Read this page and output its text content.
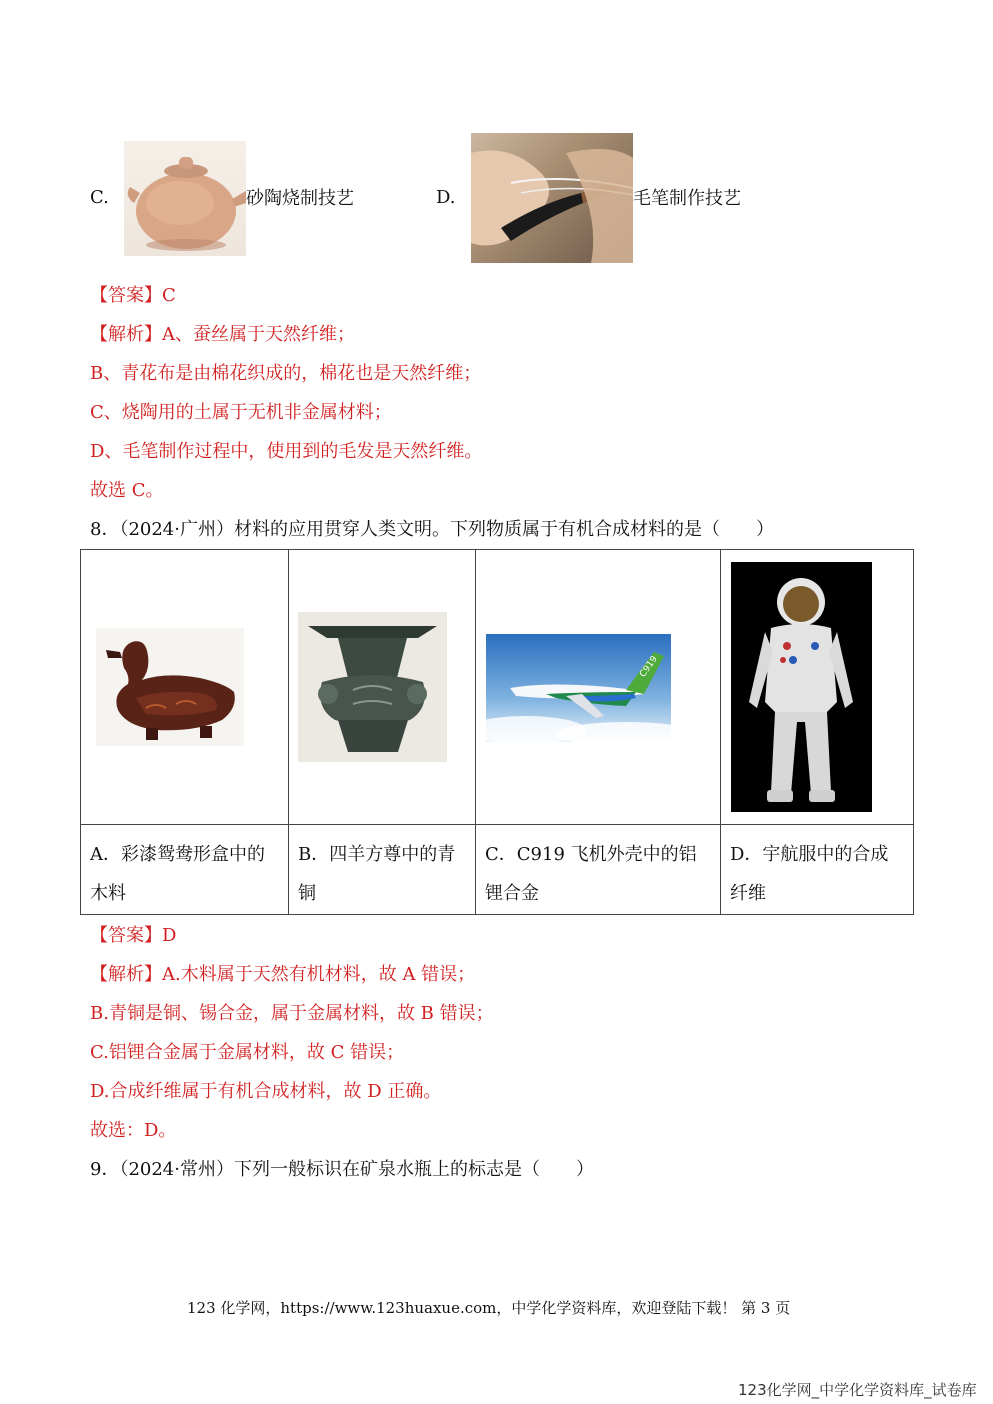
C.	砂陶烧制技艺	D.	毛笔制作技艺
【答案】C
【解析】A、蚕丝属于天然纤维；
B、青花布是由棉花织成的，棉花也是天然纤维；
C、烧陶用的土属于无机非金属材料；
D、毛笔制作过程中，使用到的毛发是天然纤维。
故选 C。
8．（2024·广州）材料的应用贯穿人类文明。下列物质属于有机合成材料的是（　　）

C919

A．彩漆鸳鸯形盒中的木料	B．四羊方尊中的青铜	C．C919 飞机外壳中的铝锂合金	D．宇航服中的合成纤维
【答案】D
【解析】A.木料属于天然有机材料，故 A 错误；
B.青铜是铜、锡合金，属于金属材料，故 B 错误；
C.铝锂合金属于金属材料，故 C 错误；
D.合成纤维属于有机合成材料，故 D 正确。
故选：D。
9．（2024·常州）下列一般标识在矿泉水瓶上的标志是（　　）
123 化学网，https://www.123huaxue.com，中学化学资料库，欢迎登陆下载！ 第 3 页
123化学网_中学化学资料库_试卷库
